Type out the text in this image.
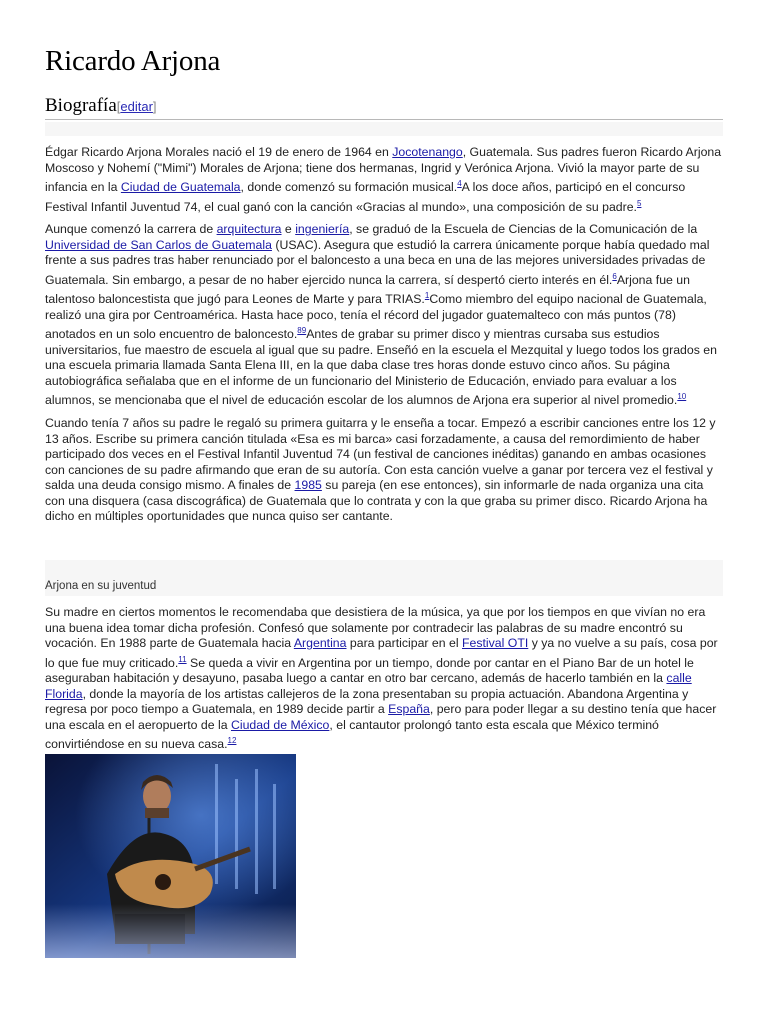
Ricardo Arjona
Biografía[editar]

Édgar Ricardo Arjona Morales nació el 19 de enero de 1964 en Jocotenango, Guatemala. Sus padres fueron Ricardo Arjona Moscoso y Nohemí ("Mimi") Morales de Arjona; tiene dos hermanas, Ingrid y Verónica Arjona. Vivió la mayor parte de su infancia en la Ciudad de Guatemala, donde comenzó su formación musical.$^4$A los doce años, participó en el concurso Festival Infantil Juventud 74, el cual ganó con la canción «Gracias al mundo», una composición de su padre.$^5$

Aunque comenzó la carrera de arquitectura e ingeniería, se graduó de la Escuela de Ciencias de la Comunicación de la Universidad de San Carlos de Guatemala (USAC). Asegura que estudió la carrera únicamente porque había quedado mal frente a sus padres tras haber renunciado por el baloncesto a una beca en una de las mejores universidades privadas de Guatemala. Sin embargo, a pesar de no haber ejercido nunca la carrera, sí despertó cierto interés en él.$^6$Arjona fue un talentoso baloncestista que jugó para Leones de Marte y para TRIAS.$^1$Como miembro del equipo nacional de Guatemala, realizó una gira por Centroamérica. Hasta hace poco, tenía el récord del jugador guatemalteco con más puntos (78) anotados en un solo encuentro de baloncesto.$^{89}$Antes de grabar su primer disco y mientras cursaba sus estudios universitarios, fue maestro de escuela al igual que su padre. Enseñó en la escuela el Mezquital y luego todos los grados en una escuela primaria llamada Santa Elena III, en la que daba clase tres horas donde estuvo cinco años. Su página autobiográfica señalaba que en el informe de un funcionario del Ministerio de Educación, enviado para evaluar a los alumnos, se mencionaba que el nivel de educación escolar de los alumnos de Arjona era superior al nivel promedio.$^{10}$

Cuando tenía 7 años su padre le regaló su primera guitarra y le enseña a tocar. Empezó a escribir canciones entre los 12 y 13 años. Escribe su primera canción titulada «Esa es mi barca» casi forzadamente, a causa del remordimiento de haber participado dos veces en el Festival Infantil Juventud 74 (un festival de canciones inéditas) ganando en ambas ocasiones con canciones de su padre afirmando que eran de su autoría. Con esta canción vuelve a ganar por tercera vez el festival y salda una deuda consigo mismo. A finales de 1985 su pareja (en ese entonces), sin informarle de nada organiza una cita con una disquera (casa discográfica) de Guatemala que lo contrata y con la que graba su primer disco. Ricardo Arjona ha dicho en múltiples oportunidades que nunca quiso ser cantante.

Arjona en su juventud

Su madre en ciertos momentos le recomendaba que desistiera de la música, ya que por los tiempos en que vivían no era una buena idea tomar dicha profesión. Confesó que solamente por contradecir las palabras de su madre encontró su vocación. En 1988 parte de Guatemala hacia Argentina para participar en el Festival OTI y ya no vuelve a su país, cosa por lo que fue muy criticado.$^{11}$ Se queda a vivir en Argentina por un tiempo, donde por cantar en el Piano Bar de un hotel le aseguraban habitación y desayuno, pasaba luego a cantar en otro bar cercano, además de hacerlo también en la calle Florida, donde la mayoría de los artistas callejeros de la zona presentaban su propia actuación. Abandona Argentina y regresa por poco tiempo a Guatemala, en 1989 decide partir a España, pero para poder llegar a su destino tenía que hacer una escala en el aeropuerto de la Ciudad de México, el cantautor prolongó tanto esta escala que México terminó convirtiéndose en su nueva casa.$^{12}$
